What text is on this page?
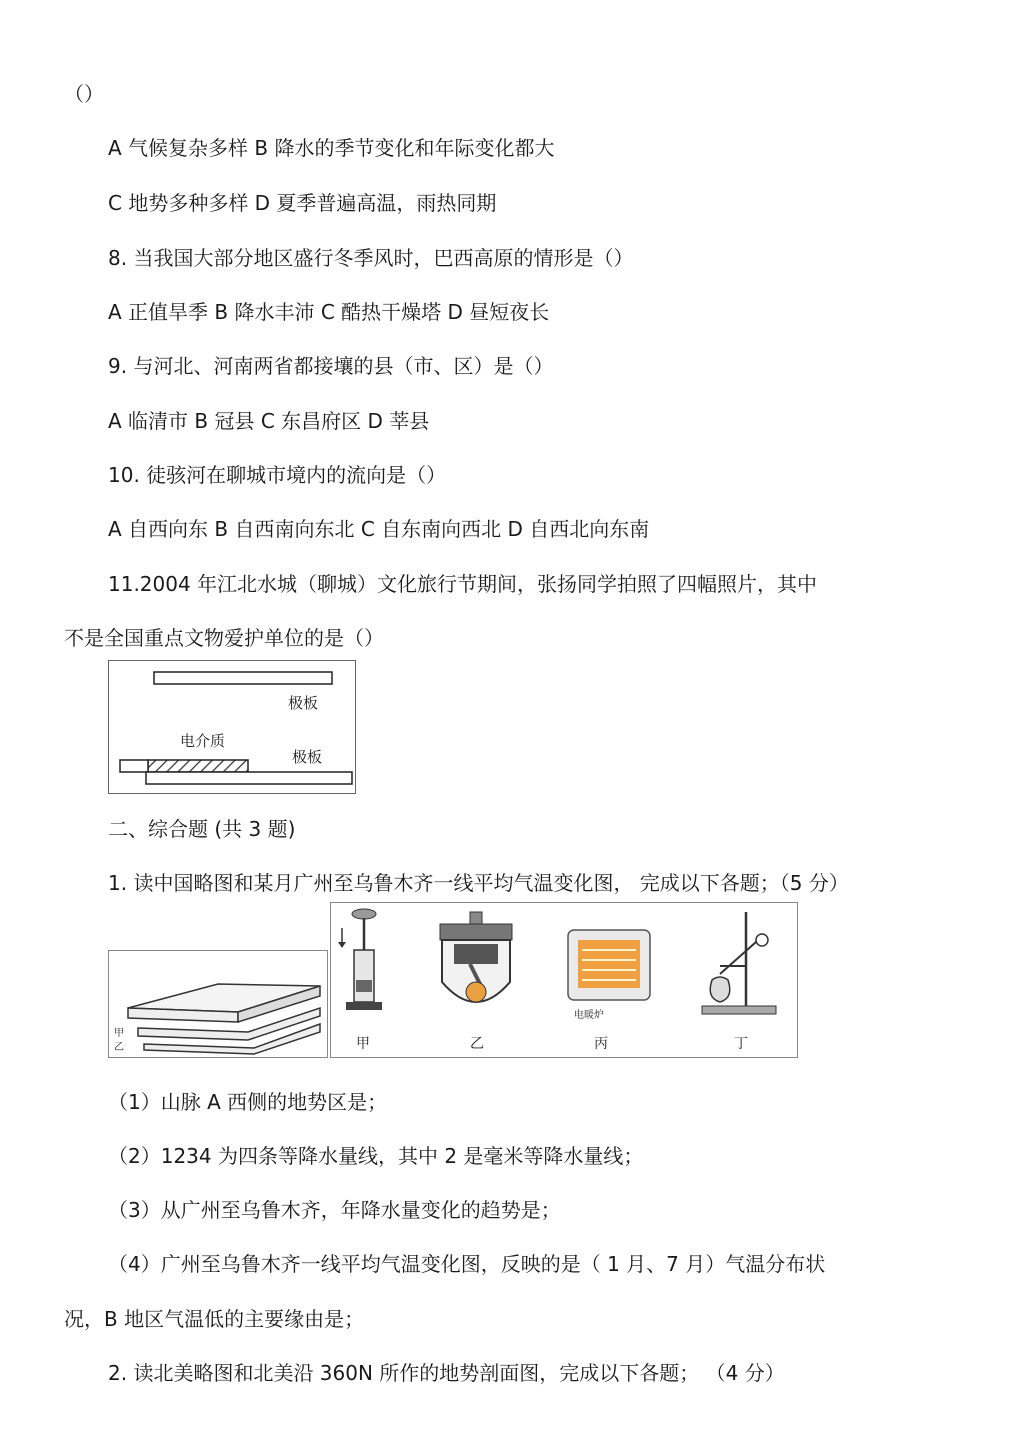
（）
A 气候复杂多样 B 降水的季节变化和年际变化都大
C 地势多种多样 D 夏季普遍高温，雨热同期
8. 当我国大部分地区盛行冬季风时，巴西高原的情形是（）
A 正值旱季 B 降水丰沛 C 酷热干燥塔 D 昼短夜长
9. 与河北、河南两省都接壤的县（市、区）是（）
A 临清市 B 冠县 C 东昌府区 D 莘县
10. 徒骇河在聊城市境内的流向是（）
A 自西向东 B 自西南向东北 C 自东南向西北 D 自西北向东南
11.2004 年江北水城（聊城）文化旅行节期间，张扬同学拍照了四幅照片，其中
不是全国重点文物爱护单位的是（）
极板
电介质
极板
二、综合题 (共 3 题)
1. 读中国略图和某月广州至乌鲁木齐一线平均气温变化图， 完成以下各题；（5 分）
甲
乙	甲	乙
电暖炉
丙	丁
（1）山脉 A 西侧的地势区是；
（2）1234 为四条等降水量线，其中 2 是毫米等降水量线；
（3）从广州至乌鲁木齐，年降水量变化的趋势是；
（4）广州至乌鲁木齐一线平均气温变化图，反映的是（ 1 月、7 月）气温分布状
况，B 地区气温低的主要缘由是；
2. 读北美略图和北美沿 360N 所作的地势剖面图，完成以下各题； （4 分）
